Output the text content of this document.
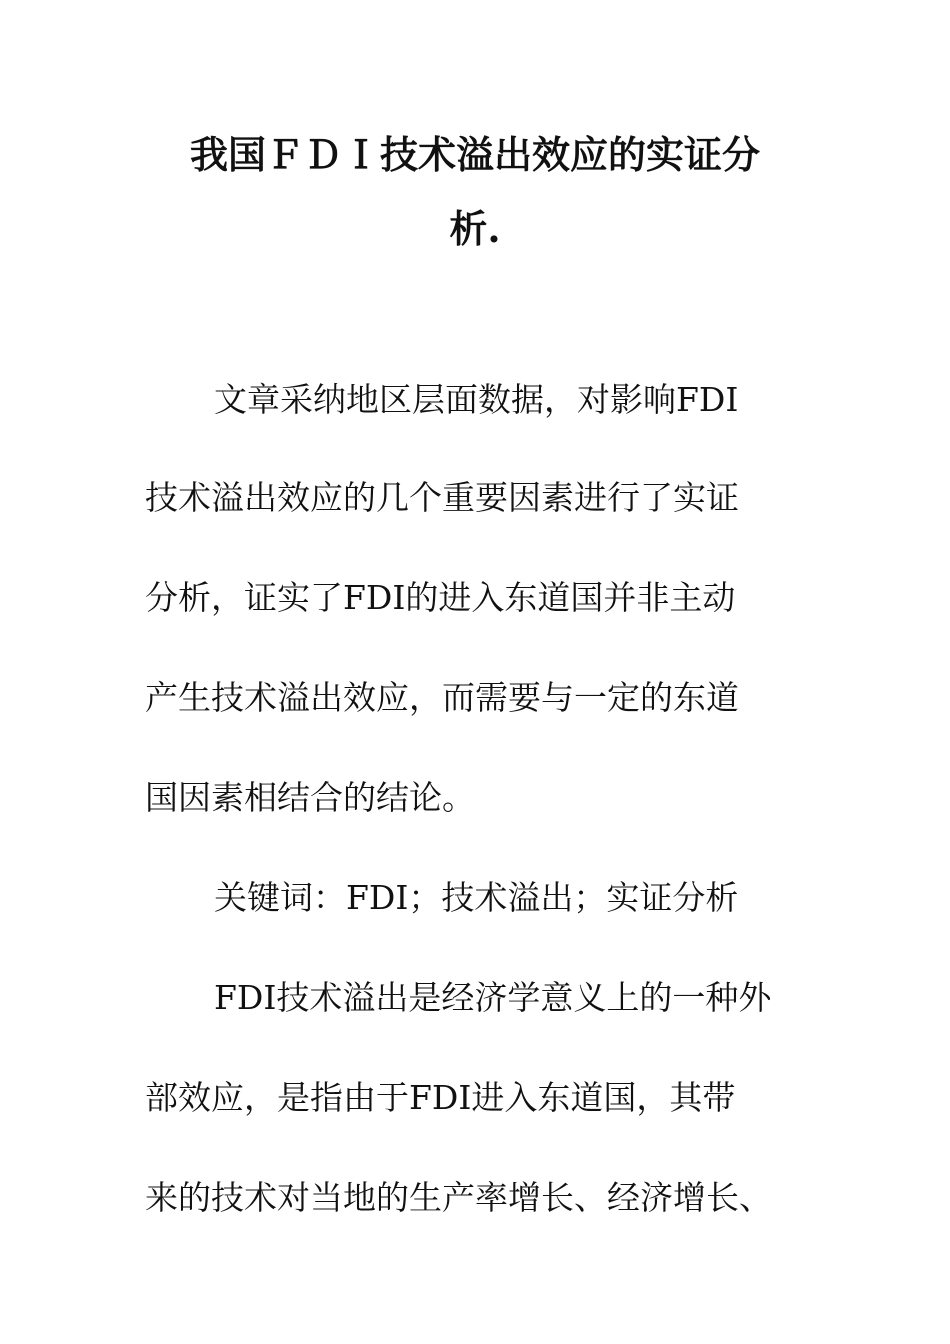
我国ＦＤＩ技术溢出效应的实证分
析.
文章采纳地区层面数据，对影响FDI
技术溢出效应的几个重要因素进行了实证
分析，证实了FDI的进入东道国并非主动
产生技术溢出效应，而需要与一定的东道
国因素相结合的结论。
关键词：FDI；技术溢出；实证分析
FDI技术溢出是经济学意义上的一种外
部效应，是指由于FDI进入东道国，其带
来的技术对当地的生产率增长、经济增长、
